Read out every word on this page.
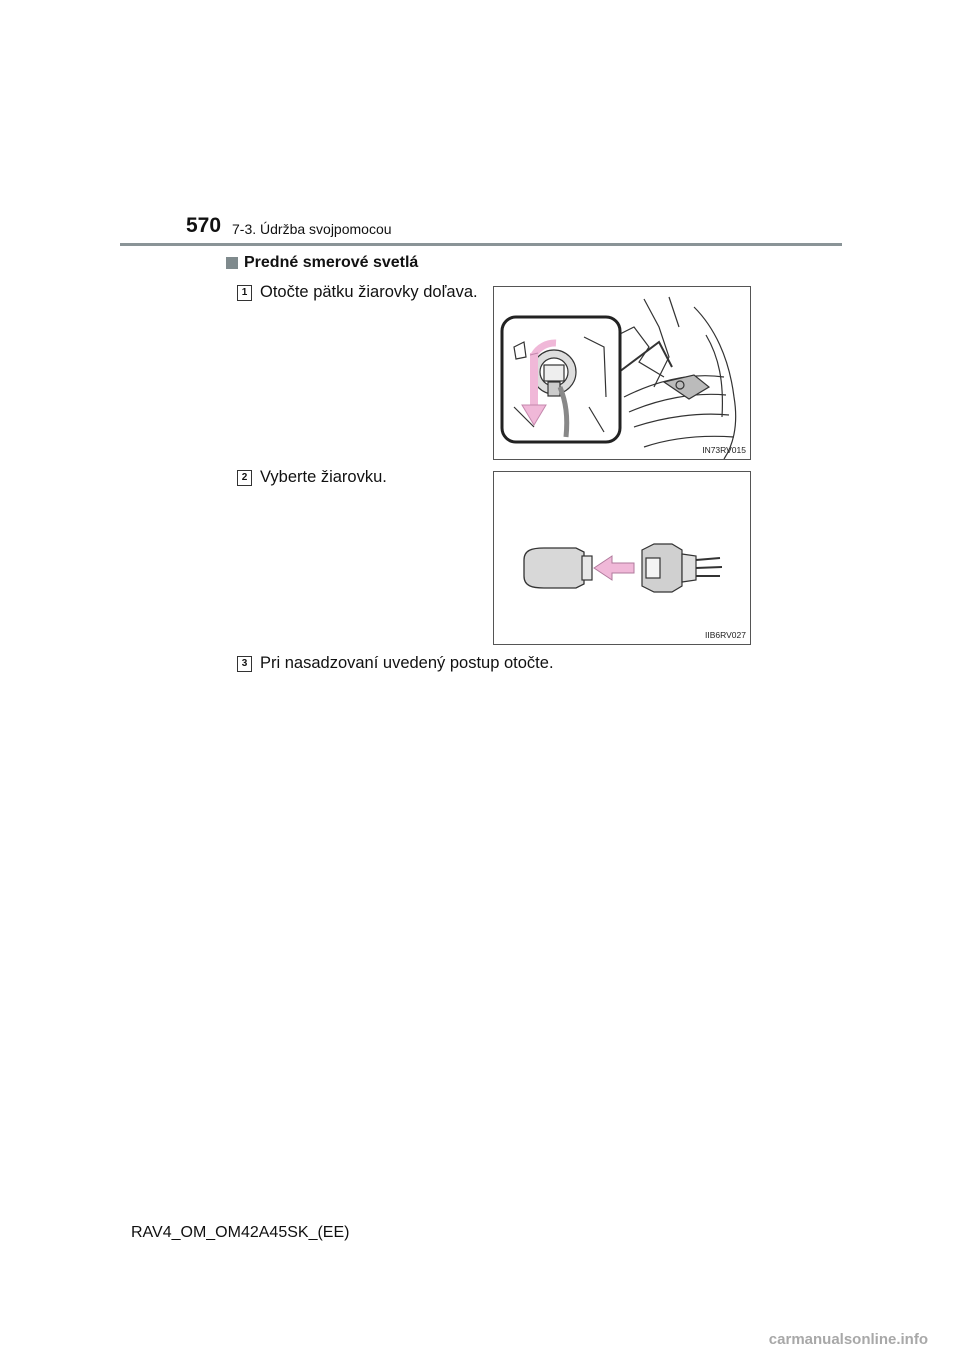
570 7-3. Údržba svojpomocou
Predné smerové svetlá
1 Otočte pätku žiarovky doľava.
IN73RV015
2 Vyberte žiarovku.
IIB6RV027
3 Pri nasadzovaní uvedený postup otočte.
RAV4_OM_OM42A45SK_(EE)
carmanualsonline.info
